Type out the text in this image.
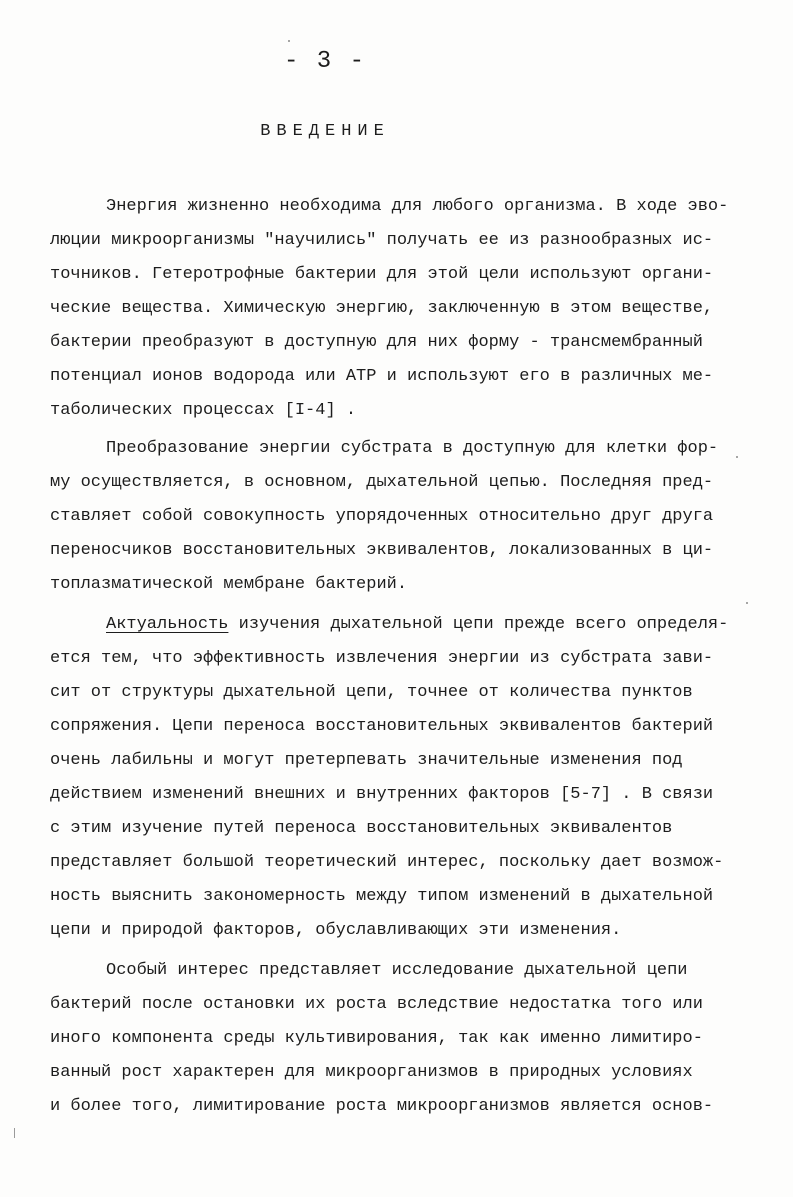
- 3 -
ВВЕДЕНИЕ
Энергия жизненно необходима для любого организма. В ходе эво-
люции микроорганизмы "научились" получать ее из разнообразных ис-
точников. Гетеротрофные бактерии для этой цели используют органи-
ческие вещества. Химическую энергию, заключенную в этом веществе,
бактерии преобразуют в доступную для них форму - трансмембранный
потенциал ионов водорода или АТР и используют его в различных ме-
таболических процессах [I-4] .
Преобразование энергии субстрата в доступную для клетки фор-
му осуществляется, в основном, дыхательной цепью. Последняя пред-
ставляет собой совокупность упорядоченных относительно друг друга
переносчиков восстановительных эквивалентов, локализованных в ци-
топлазматической мембране бактерий.
Актуальность изучения дыхательной цепи прежде всего определя-
ется тем, что эффективность извлечения энергии из субстрата зави-
сит от структуры дыхательной цепи, точнее от количества пунктов
сопряжения. Цепи переноса восстановительных эквивалентов бактерий
очень лабильны и могут претерпевать значительные изменения под
действием изменений внешних и внутренних факторов [5-7] . В связи
с этим изучение путей переноса восстановительных эквивалентов
представляет большой теоретический интерес, поскольку дает возмож-
ность выяснить закономерность между типом изменений в дыхательной
цепи и природой факторов, обуславливающих эти изменения.
Особый интерес представляет исследование дыхательной цепи
бактерий после остановки их роста вследствие недостатка того или
иного компонента среды культивирования, так как именно лимитиро-
ванный рост характерен для микроорганизмов в природных условиях
и более того, лимитирование роста микроорганизмов является основ-
